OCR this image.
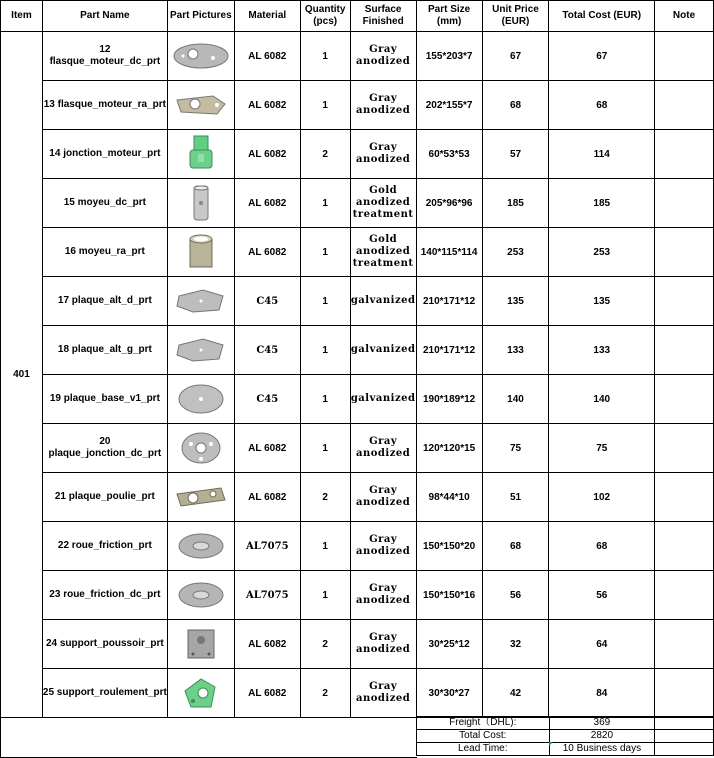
Item	Part Name	Part Pictures	Material	Quantity (pcs)	Surface Finished	Part Size (mm)	Unit Price (EUR)	Total Cost (EUR)	Note
401	12 flasque_moteur_dc_prt		AL 6082	1	Gray anodized	155*203*7	67	67	
	13 flasque_moteur_ra_prt		AL 6082	1	Gray anodized	202*155*7	68	68	
	14 jonction_moteur_prt		AL 6082	2	Gray anodized	60*53*53	57	114	
	15 moyeu_dc_prt		AL 6082	1	Gold anodized treatment	205*96*96	185	185	
	16 moyeu_ra_prt		AL 6082	1	Gold anodized treatment	140*115*114	253	253	
	17 plaque_alt_d_prt		C45	1	galvanized	210*171*12	135	135	
	18 plaque_alt_g_prt		C45	1	galvanized	210*171*12	133	133	
	19 plaque_base_v1_prt		C45	1	galvanized	190*189*12	140	140	
	20 plaque_jonction_dc_prt		AL 6082	1	Gray anodized	120*120*15	75	75	
	21 plaque_poulie_prt		AL 6082	2	Gray anodized	98*44*10	51	102	
	22 roue_friction_prt		AL7075	1	Gray anodized	150*150*20	68	68	
	23 roue_friction_dc_prt		AL7075	1	Gray anodized	150*150*16	56	56	
	24 support_poussoir_prt		AL 6082	2	Gray anodized	30*25*12	32	64	
	25 support_roulement_prt		AL 6082	2	Gray anodized	30*30*27	42	84	
Freight（DHL):	369	
Total Cost:	2820	
Lead Time:	10 Business days	
